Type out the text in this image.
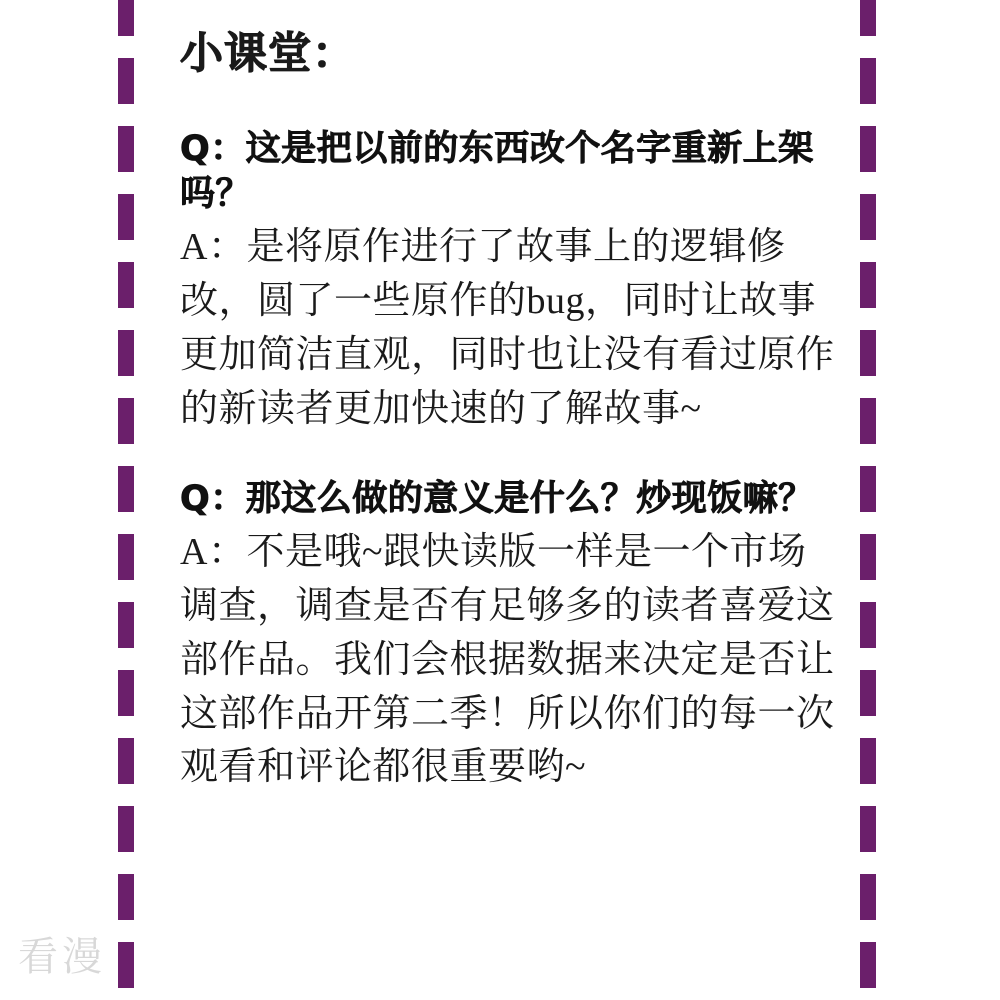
小课堂：

Q：这是把以前的东西改个名字重新上架吗？

A：是将原作进行了故事上的逻辑修改，圆了一些原作的bug，同时让故事更加简洁直观，同时也让没有看过原作的新读者更加快速的了解故事~

Q：那这么做的意义是什么？炒现饭嘛？

A：不是哦~跟快读版一样是一个市场调查，调查是否有足够多的读者喜爱这部作品。我们会根据数据来决定是否让这部作品开第二季！所以你们的每一次观看和评论都很重要哟~

看漫
